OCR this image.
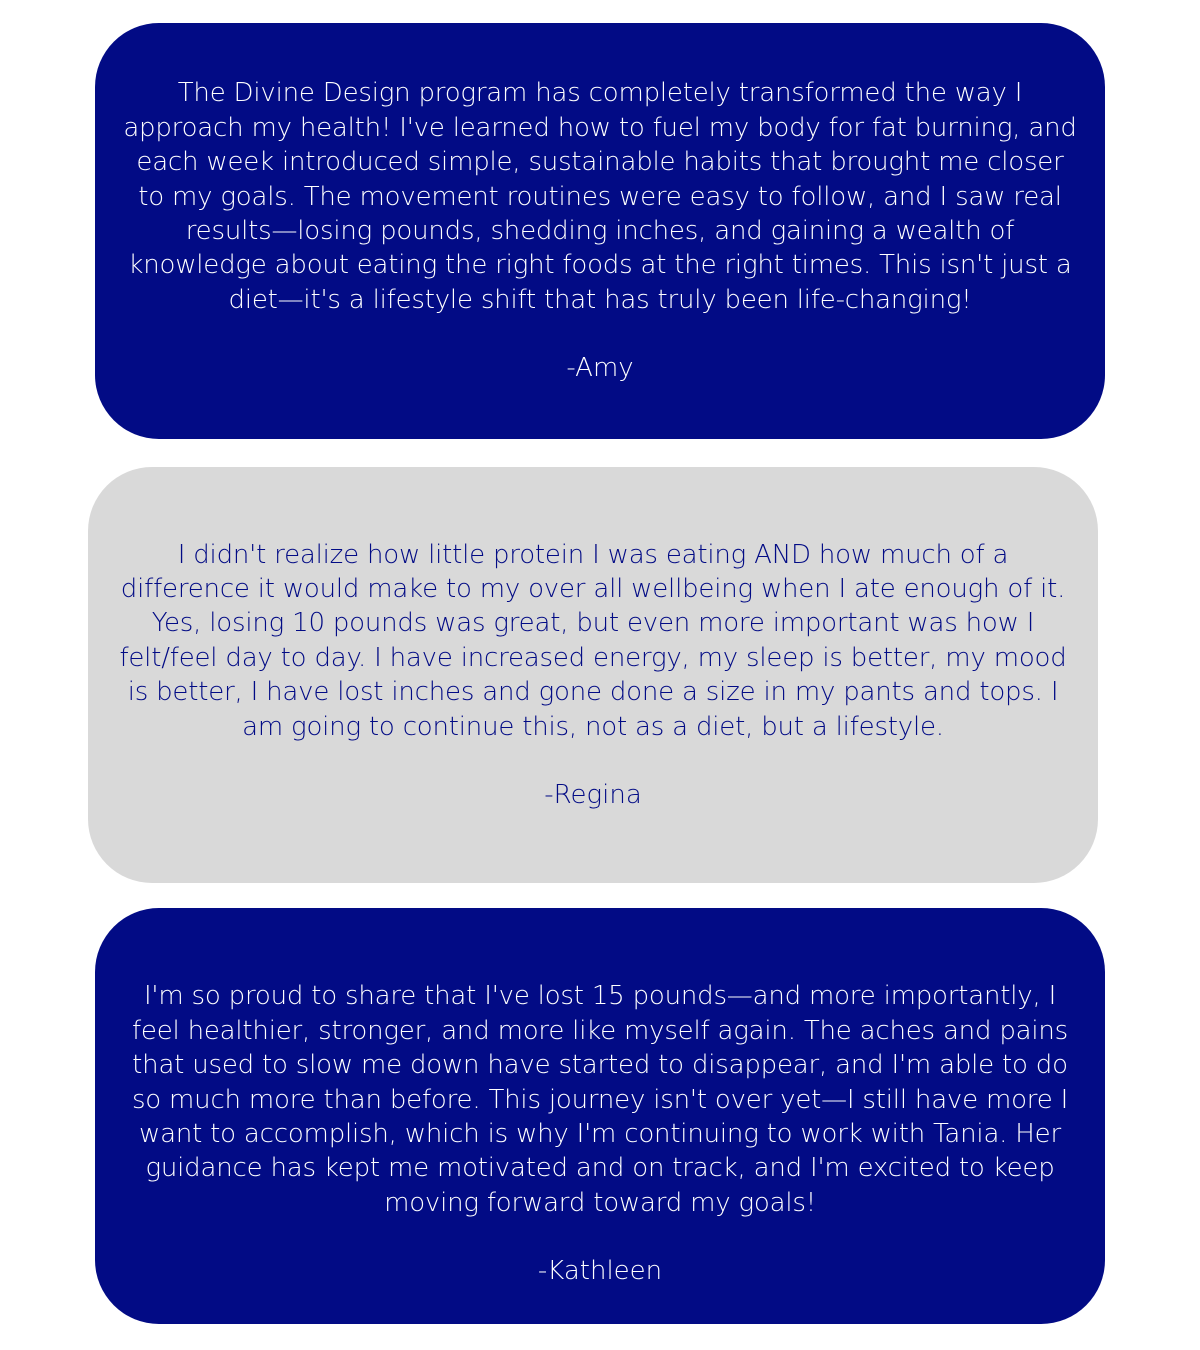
The Divine Design program has completely transformed the way I approach my health! I've learned how to fuel my body for fat burning, and each week introduced simple, sustainable habits that brought me closer to my goals. The movement routines were easy to follow, and I saw real results—losing pounds, shedding inches, and gaining a wealth of knowledge about eating the right foods at the right times. This isn't just a diet—it's a lifestyle shift that has truly been life-changing!

-Amy

I didn't realize how little protein I was eating AND how much of a difference it would make to my over all wellbeing when I ate enough of it. Yes, losing 10 pounds was great, but even more important was how I felt/feel day to day. I have increased energy, my sleep is better, my mood is better, I have lost inches and gone done a size in my pants and tops. I am going to continue this, not as a diet, but a lifestyle.

-Regina

I'm so proud to share that I've lost 15 pounds—and more importantly, I feel healthier, stronger, and more like myself again. The aches and pains that used to slow me down have started to disappear, and I'm able to do so much more than before. This journey isn't over yet—I still have more I want to accomplish, which is why I'm continuing to work with Tania. Her guidance has kept me motivated and on track, and I'm excited to keep moving forward toward my goals!

-Kathleen
